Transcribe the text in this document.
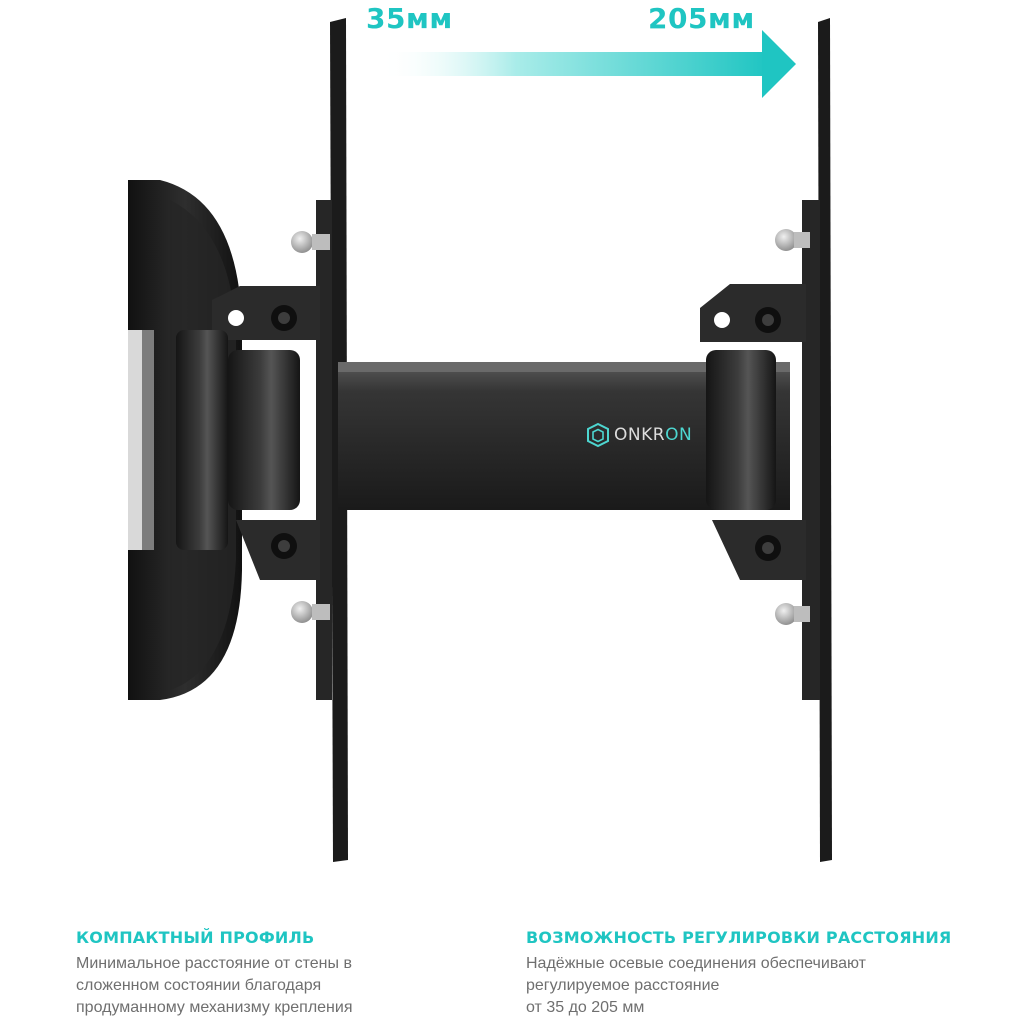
35мм	205мм
ONKRON
КОМПАКТНЫЙ ПРОФИЛЬ

Минимальное расстояние от стены в
сложенном состоянии благодаря
продуманному механизму крепления

ВОЗМОЖНОСТЬ РЕГУЛИРОВКИ РАССТОЯНИЯ

Надёжные осевые соединения обеспечивают
регулируемое расстояние
от 35 до 205 мм
